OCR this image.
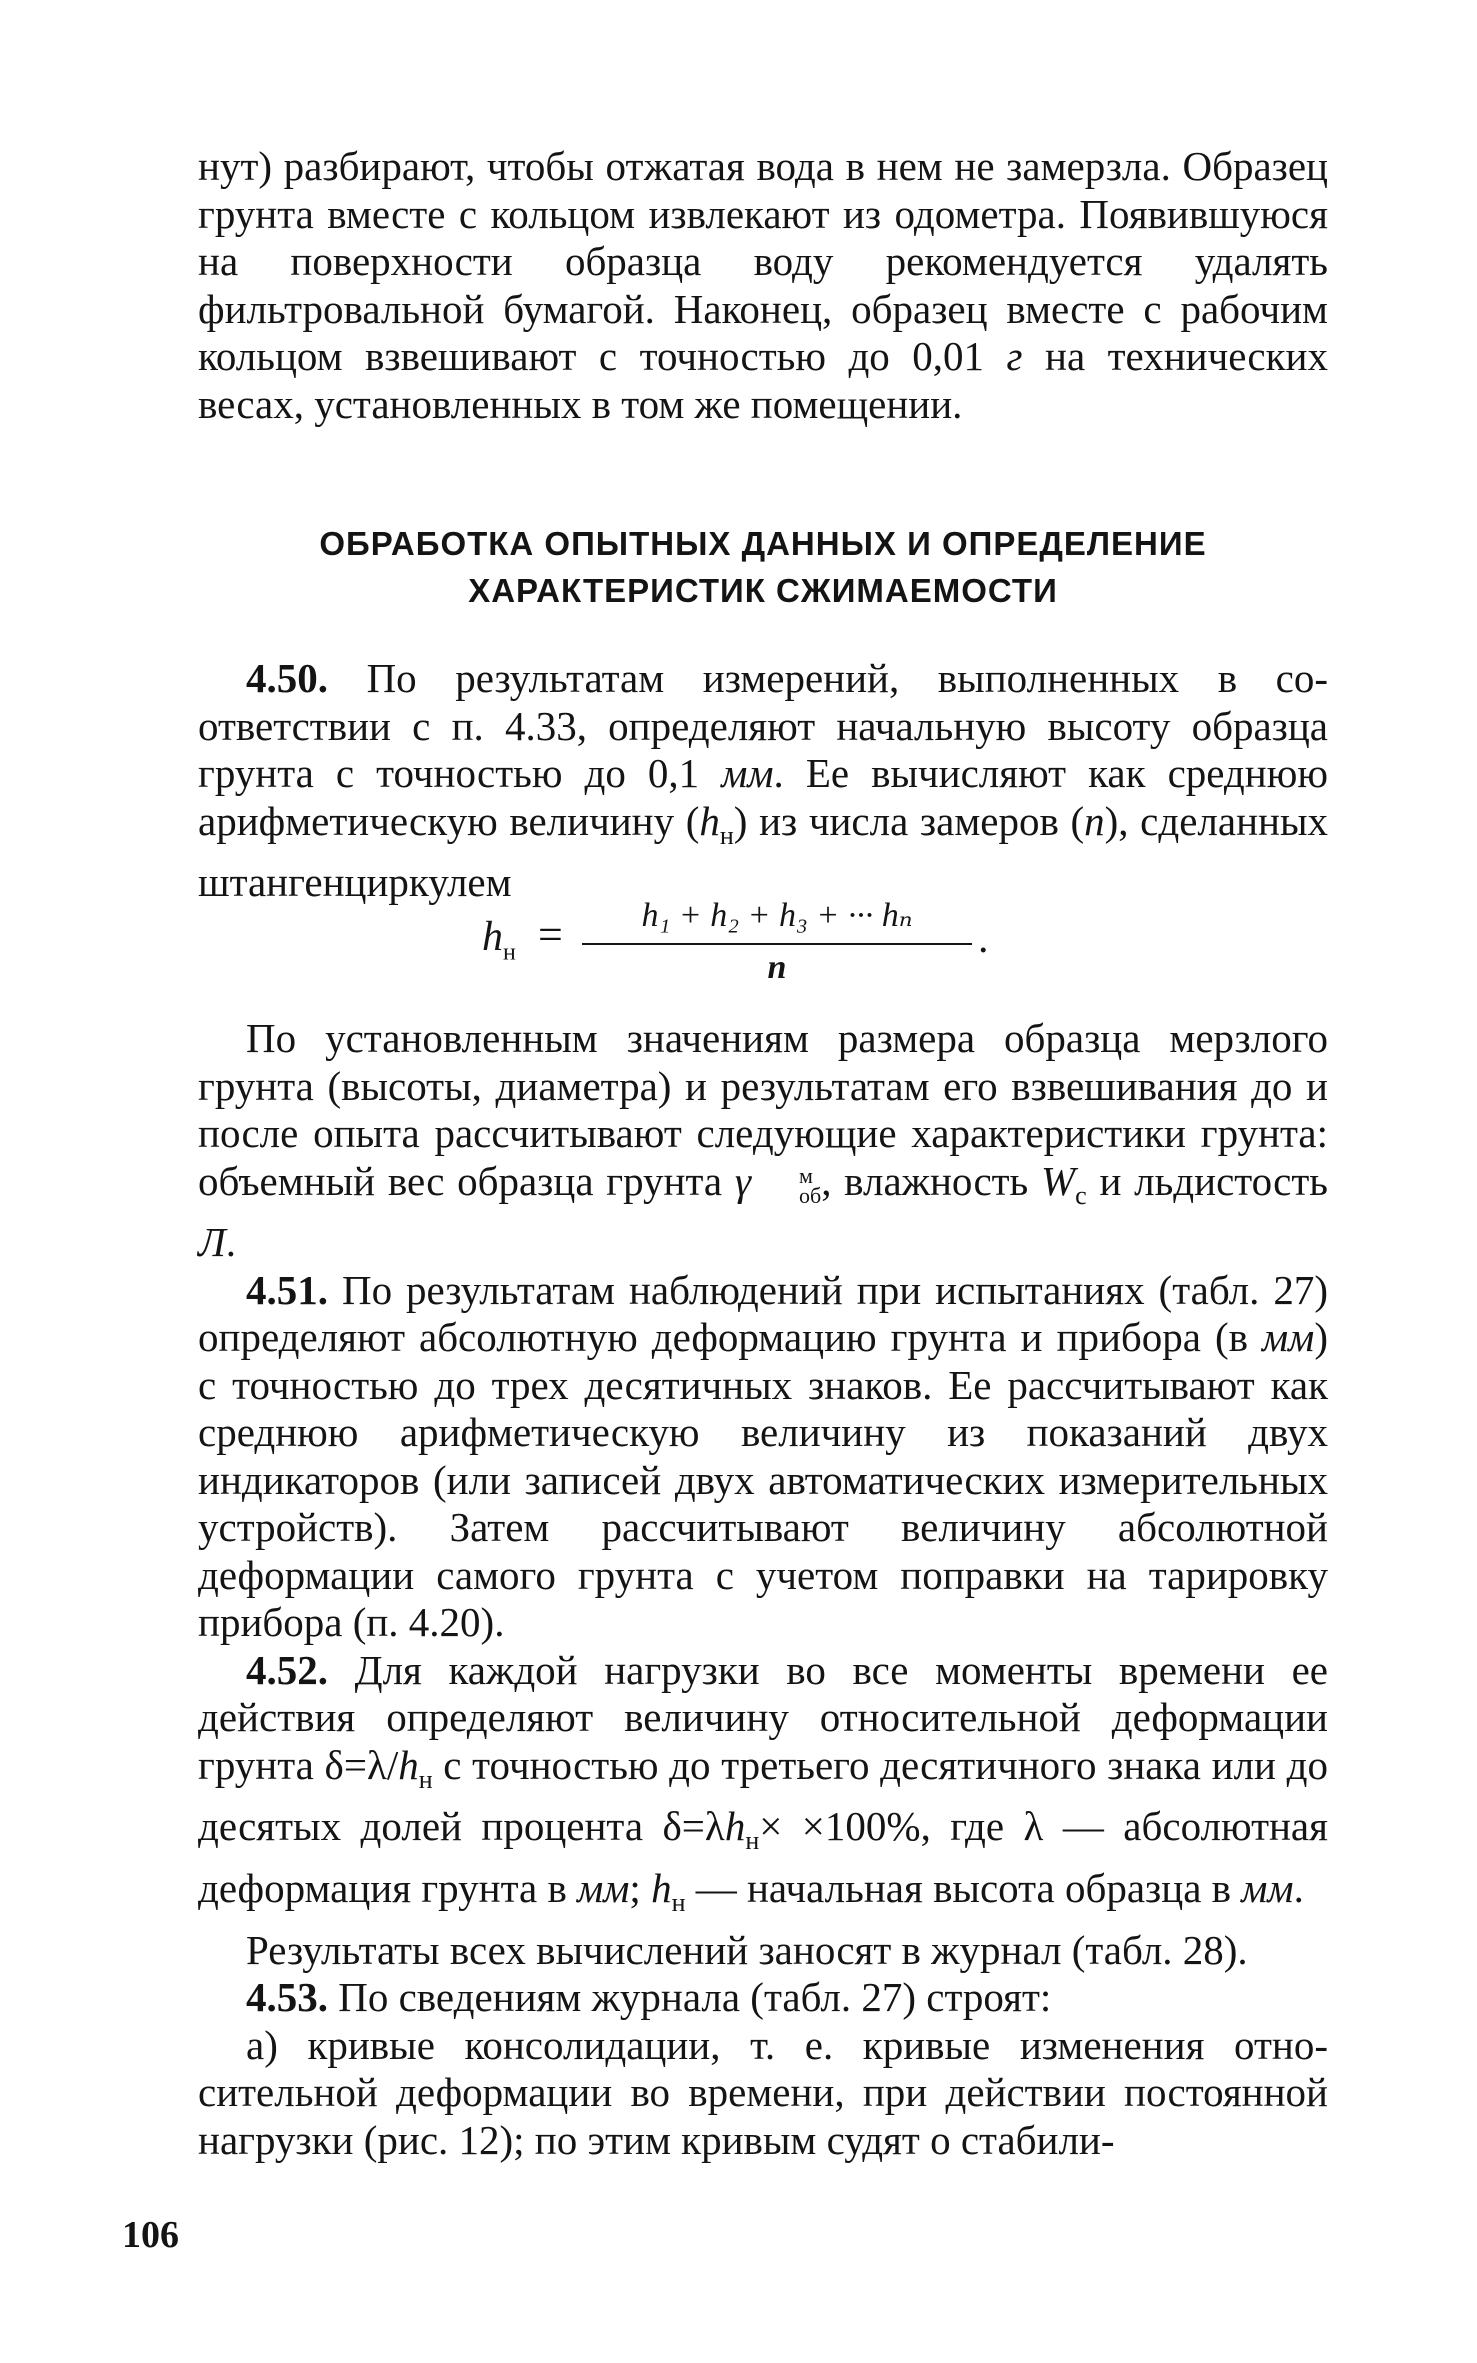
нут) разбирают, чтобы отжатая вода в нем не замерзла. Образец грунта вместе с кольцом извлекают из одометра. Появившуюся на поверхности образца воду рекомендуется удалять фильтровальной бумагой. Наконец, образец вместе с рабочим кольцом взвешивают с точностью до 0,01 г на технических весах, установленных в том же помещении.

ОБРАБОТКА ОПЫТНЫХ ДАННЫХ И ОПРЕДЕЛЕНИЕ
ХАРАКТЕРИСТИК СЖИМАЕМОСТИ

4.50. По результатам измерений, выполненных в соответствии с п. 4.33, определяют начальную высоту образца грунта с точностью до 0,1 мм. Ее вычисляют как среднюю арифметическую величину $(h_н)$ из числа замеров (n), сделанных штангенциркулем

$h_н$ =	h₁ + h₂ + h₃ + ··· hₙ
n
.

По установленным значениям размера образца мерзлого грунта (высоты, диаметра) и результатам его взвешивания до и после опыта рассчитывают следующие характеристики грунта: объемный вес образца грунта γ	м
об , влажность $W_с$ и льдистость Л.

4.51. По результатам наблюдений при испытаниях (табл. 27) определяют абсолютную деформацию грунта и прибора (в мм) с точностью до трех десятичных знаков. Ее рассчитывают как среднюю арифметическую величину из показаний двух индикаторов (или записей двух автоматических измерительных устройств). Затем рассчитывают величину абсолютной деформации самого грунта с учетом поправки на тарировку прибора (п. 4.20).

4.52. Для каждой нагрузки во все моменты времени ее действия определяют величину относительной деформации грунта $\delta=\lambda/h_н$ с точностью до третьего десятичного знака или до десятых долей процента $\delta=\lambda h_н\times \times 100\%$, где λ — абсолютная деформация грунта в мм; $h_н$ — начальная высота образца в мм.

Результаты всех вычислений заносят в журнал (табл. 28).

4.53. По сведениям журнала (табл. 27) строят:

а) кривые консолидации, т. е. кривые изменения относительной деформации во времени, при действии постоянной нагрузки (рис. 12); по этим кривым судят о стабили-

106
